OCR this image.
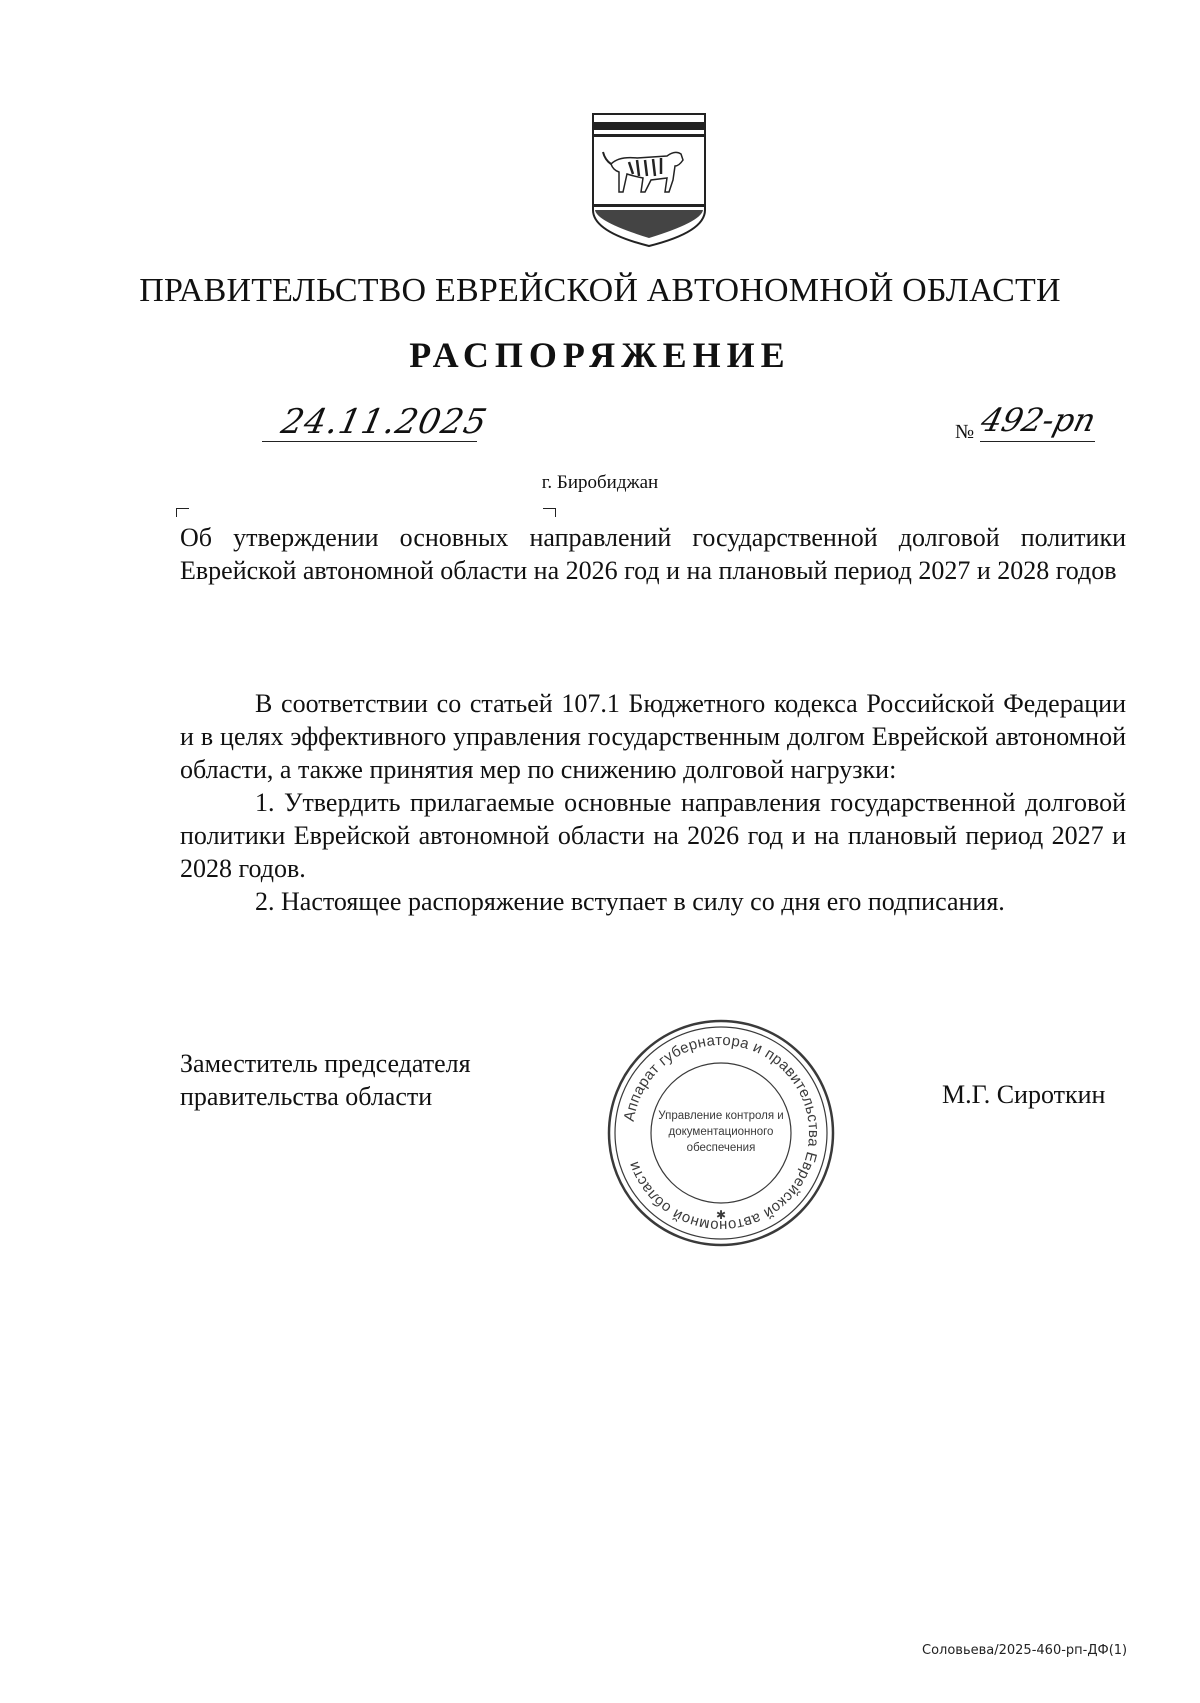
ПРАВИТЕЛЬСТВО ЕВРЕЙСКОЙ АВТОНОМНОЙ ОБЛАСТИ
РАСПОРЯЖЕНИЕ
24.11.2025	№ 492-рп
г. Биробиджан
Об утверждении основных направлений государственной долговой политики Еврейской автономной области на 2026 год и на плановый период 2027 и 2028 годов

В соответствии со статьей 107.1 Бюджетного кодекса Российской Федерации и в целях эффективного управления государственным долгом Еврейской автономной области, а также принятия мер по снижению долговой нагрузки:

1. Утвердить прилагаемые основные направления государственной долговой политики Еврейской автономной области на 2026 год и на плановый период 2027 и 2028 годов.

2. Настоящее распоряжение вступает в силу со дня его подписания.

Заместитель председателя
правительства области	М.Г. Сироткин
Аппарат губернатора и правительства Еврейской автономной области
Управление контроля и
документационного
обеспечения
✱
Соловьева/2025-460-рп-ДФ(1)
